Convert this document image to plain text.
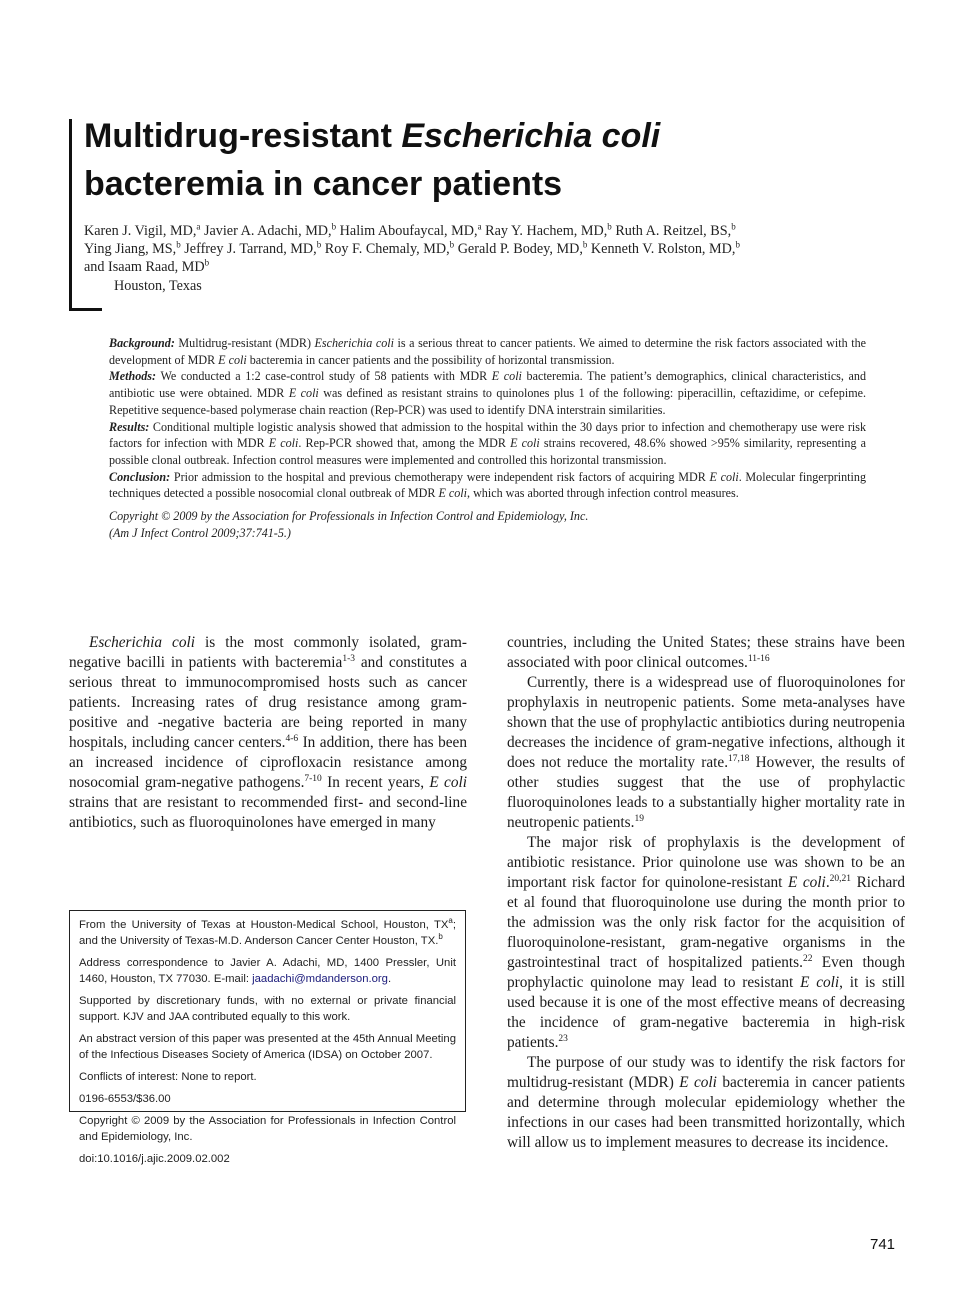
Multidrug-resistant Escherichia coli
bacteremia in cancer patients
Karen J. Vigil, MD,$^a$ Javier A. Adachi, MD,$^b$ Halim Aboufaycal, MD,$^a$ Ray Y. Hachem, MD,$^b$ Ruth A. Reitzel, BS,$^b$
Ying Jiang, MS,$^b$ Jeffrey J. Tarrand, MD,$^b$ Roy F. Chemaly, MD,$^b$ Gerald P. Bodey, MD,$^b$ Kenneth V. Rolston, MD,$^b$
and Isaam Raad, $MD^b$
Houston, Texas

Background: Multidrug-resistant (MDR) Escherichia coli is a serious threat to cancer patients. We aimed to determine the risk factors associated with the development of MDR E coli bacteremia in cancer patients and the possibility of horizontal transmission.

Methods: We conducted a 1:2 case-control study of 58 patients with MDR E coli bacteremia. The patient’s demographics, clinical characteristics, and antibiotic use were obtained. MDR E coli was defined as resistant strains to quinolones plus 1 of the following: piperacillin, ceftazidime, or cefepime. Repetitive sequence-based polymerase chain reaction (Rep-PCR) was used to identify DNA interstrain similarities.

Results: Conditional multiple logistic analysis showed that admission to the hospital within the 30 days prior to infection and chemotherapy use were risk factors for infection with MDR E coli. Rep-PCR showed that, among the MDR E coli strains recovered, 48.6% showed >95% similarity, representing a possible clonal outbreak. Infection control measures were implemented and controlled this horizontal transmission.

Conclusion: Prior admission to the hospital and previous chemotherapy were independent risk factors of acquiring MDR E coli. Molecular fingerprinting techniques detected a possible nosocomial clonal outbreak of MDR E coli, which was aborted through infection control measures.

Copyright © 2009 by the Association for Professionals in Infection Control and Epidemiology, Inc.

(Am J Infect Control 2009;37:741-5.)

Escherichia coli is the most commonly isolated, gram-negative bacilli in patients with bacteremia$^{1-3}$ and constitutes a serious threat to immunocompromised hosts such as cancer patients. Increasing rates of drug resistance among gram-positive and -negative bacteria are being reported in many hospitals, including cancer centers.$^{4-6}$ In addition, there has been an increased incidence of ciprofloxacin resistance among nosocomial gram-negative pathogens.$^{7-10}$ In recent years, E coli strains that are resistant to recommended first- and second-line antibiotics, such as fluoroquinolones have emerged in many

countries, including the United States; these strains have been associated with poor clinical outcomes.$^{11-16}$

Currently, there is a widespread use of fluoroquinolones for prophylaxis in neutropenic patients. Some meta-analyses have shown that the use of prophylactic antibiotics during neutropenia decreases the incidence of gram-negative infections, although it does not reduce the mortality rate.$^{17,18}$ However, the results of other studies suggest that the use of prophylactic fluoroquinolones leads to a substantially higher mortality rate in neutropenic patients.$^{19}$

The major risk of prophylaxis is the development of antibiotic resistance. Prior quinolone use was shown to be an important risk factor for quinolone-resistant E coli.$^{20,21}$ Richard et al found that fluoroquinolone use during the month prior to the admission was the only risk factor for the acquisition of fluoroquinolone-resistant, gram-negative organisms in the gastrointestinal tract of hospitalized patients.$^{22}$ Even though prophylactic quinolone may lead to resistant E coli, it is still used because it is one of the most effective means of decreasing the incidence of gram-negative bacteremia in high-risk patients.$^{23}$

The purpose of our study was to identify the risk factors for multidrug-resistant (MDR) E coli bacteremia in cancer patients and determine through molecular epidemiology whether the infections in our cases had been transmitted horizontally, which will allow us to implement measures to decrease its incidence.

From the University of Texas at Houston-Medical School, Houston, $TX^a$; and the University of Texas-M.D. Anderson Cancer Center Houston, TX.$^b$

Address correspondence to Javier A. Adachi, MD, 1400 Pressler, Unit 1460, Houston, TX 77030. E-mail: jaadachi@mdanderson.org.

Supported by discretionary funds, with no external or private financial support. KJV and JAA contributed equally to this work.

An abstract version of this paper was presented at the 45th Annual Meeting of the Infectious Diseases Society of America (IDSA) on October 2007.

Conflicts of interest: None to report.

0196-6553/$36.00

Copyright © 2009 by the Association for Professionals in Infection Control and Epidemiology, Inc.

doi:10.1016/j.ajic.2009.02.002

741
